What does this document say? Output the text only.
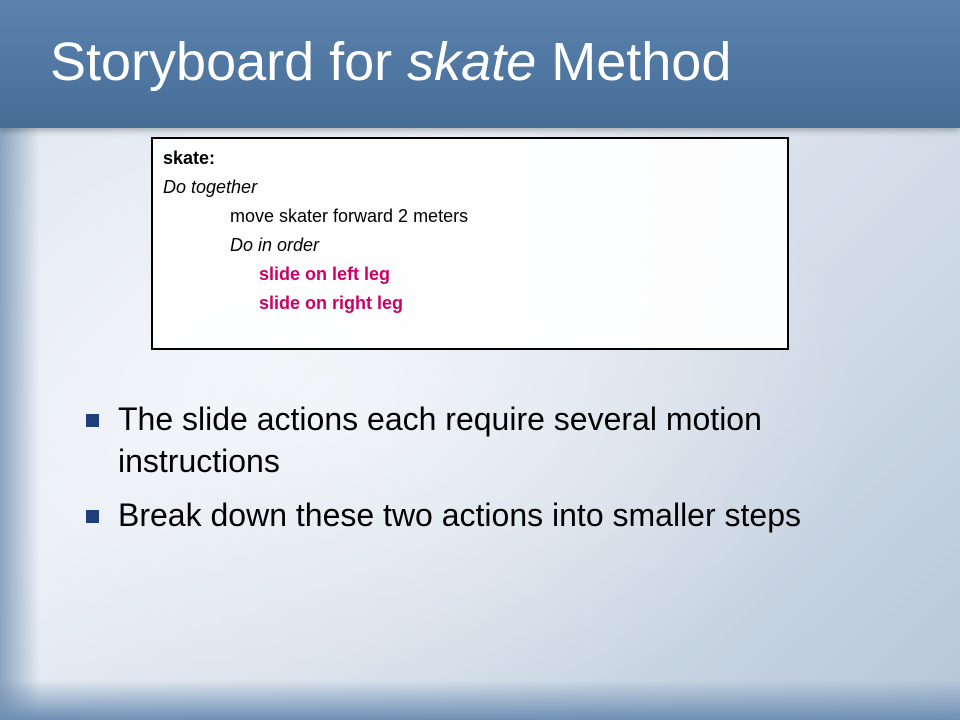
Storyboard for skate Method
skate:
Do together
move skater forward 2 meters
Do in order
slide on left leg
slide on right leg
The slide actions each require several motion instructions
Break down these two actions into smaller steps
